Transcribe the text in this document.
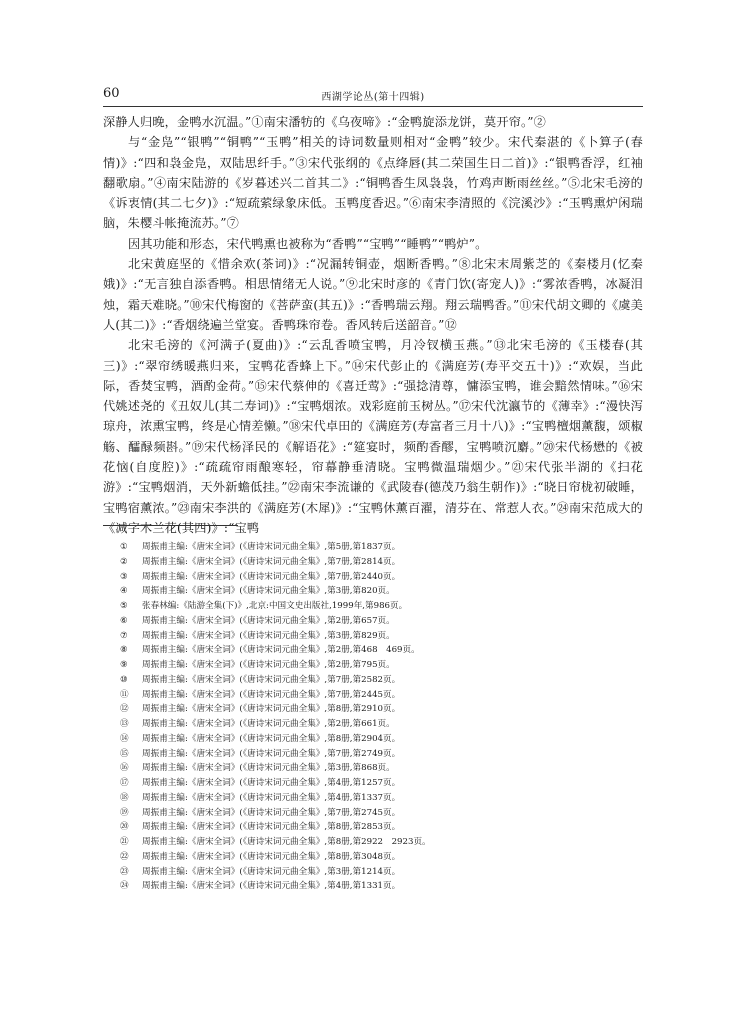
60	西湖学论丛(第十四辑)

深静人归晚，金鸭水沉温。”①南宋潘牥的《乌夜啼》:“金鸭旋添龙饼，莫开帘。”②

与“金凫”“银鸭”“铜鸭”“玉鸭”相关的诗词数量则相对“金鸭”较少。宋代秦湛的《卜算子(春情)》:“四和袅金凫，双陆思纤手。”③宋代张纲的《点绛唇(其二荣国生日二首)》:“银鸭香浮，红袖翻歌扇。”④南宋陆游的《岁暮述兴二首其二》:“铜鸭香生凤袅袅，竹鸡声断雨丝丝。”⑤北宋毛滂的《诉衷情(其二七夕)》:“短疏萦绿象床低。玉鸭度香迟。”⑥南宋李清照的《浣溪沙》:“玉鸭熏炉闲瑞脑，朱樱斗帐掩流苏。”⑦

因其功能和形态，宋代鸭熏也被称为“香鸭”“宝鸭”“睡鸭”“鸭炉”。

北宋黄庭坚的《惜余欢(茶词)》:“况漏转铜壶，烟断香鸭。”⑧北宋末周紫芝的《秦楼月(忆秦娥)》:“无言独自添香鸭。相思情绪无人说。”⑨北宋时彦的《青门饮(寄宠人)》:“雾浓香鸭，冰凝泪烛，霜天难晓。”⑩宋代梅窗的《菩萨蛮(其五)》:“香鸭瑞云翔。翔云瑞鸭香。”⑪宋代胡文卿的《虞美人(其二)》:“香烟绕遍兰堂宴。香鸭珠帘卷。香风转后送韶音。”⑫

北宋毛滂的《河满子(夏曲)》:“云乱香喷宝鸭，月冷钗横玉燕。”⑬北宋毛滂的《玉楼春(其三)》:“翠帘绣暖燕归来，宝鸭花香蜂上下。”⑭宋代彭止的《满庭芳(寿平交五十)》:“欢娱，当此际，香焚宝鸭，酒酌金荷。”⑮宋代蔡伸的《喜迁莺》:“强捻清尊，慵添宝鸭，谁会黯然情味。”⑯宋代姚述尧的《丑奴儿(其二寿词)》:“宝鸭烟浓。戏彩庭前玉树丛。”⑰宋代沈瀛节的《薄幸》:“漫快泻琼舟，浓熏宝鸭，终是心情差懒。”⑱宋代卓田的《满庭芳(寿富者三月十八)》:“宝鸭檀烟薰馥，颂椒觞、醽醁频斟。”⑲宋代杨泽民的《解语花》:“筵宴时，频酌香醪，宝鸭喷沉麝。”⑳宋代杨懋的《被花恼(自度腔)》:“疏疏帘雨酿寒轻，帘幕静垂清晓。宝鸭微温瑞烟少。”㉑宋代张半湖的《扫花游》:“宝鸭烟消，天外新蟾低挂。”㉒南宋李流谦的《武陵春(德茂乃翁生朝作)》:“晓日帘栊初破睡，宝鸭宿薰浓。”㉓南宋李洪的《满庭芳(木犀)》:“宝鸭休薰百濯，清芬在、常惹人衣。”㉔南宋范成大的《减字木兰花(其四)》:“宝鸭

①	周振甫主编:《唐宋全词》(《唐诗宋词元曲全集》,第5册,第1837页。
②	周振甫主编:《唐宋全词》(《唐诗宋词元曲全集》,第7册,第2814页。
③	周振甫主编:《唐宋全词》(《唐诗宋词元曲全集》,第7册,第2440页。
④	周振甫主编:《唐宋全词》(《唐诗宋词元曲全集》,第3册,第820页。
⑤	张春林编:《陆游全集(下)》,北京:中国文史出版社,1999年,第986页。
⑥	周振甫主编:《唐宋全词》(《唐诗宋词元曲全集》,第2册,第657页。
⑦	周振甫主编:《唐宋全词》(《唐诗宋词元曲全集》,第3册,第829页。
⑧	周振甫主编:《唐宋全词》(《唐诗宋词元曲全集》,第2册,第468　469页。
⑨	周振甫主编:《唐宋全词》(《唐诗宋词元曲全集》,第2册,第795页。
⑩	周振甫主编:《唐宋全词》(《唐诗宋词元曲全集》,第7册,第2582页。
⑪	周振甫主编:《唐宋全词》(《唐诗宋词元曲全集》,第7册,第2445页。
⑫	周振甫主编:《唐宋全词》(《唐诗宋词元曲全集》,第8册,第2910页。
⑬	周振甫主编:《唐宋全词》(《唐诗宋词元曲全集》,第2册,第661页。
⑭	周振甫主编:《唐宋全词》(《唐诗宋词元曲全集》,第8册,第2904页。
⑮	周振甫主编:《唐宋全词》(《唐诗宋词元曲全集》,第7册,第2749页。
⑯	周振甫主编:《唐宋全词》(《唐诗宋词元曲全集》,第3册,第868页。
⑰	周振甫主编:《唐宋全词》(《唐诗宋词元曲全集》,第4册,第1257页。
⑱	周振甫主编:《唐宋全词》(《唐诗宋词元曲全集》,第4册,第1337页。
⑲	周振甫主编:《唐宋全词》(《唐诗宋词元曲全集》,第7册,第2745页。
⑳	周振甫主编:《唐宋全词》(《唐诗宋词元曲全集》,第8册,第2853页。
㉑	周振甫主编:《唐宋全词》(《唐诗宋词元曲全集》,第8册,第2922　2923页。
㉒	周振甫主编:《唐宋全词》(《唐诗宋词元曲全集》,第8册,第3048页。
㉓	周振甫主编:《唐宋全词》(《唐诗宋词元曲全集》,第3册,第1214页。
㉔	周振甫主编:《唐宋全词》(《唐诗宋词元曲全集》,第4册,第1331页。
